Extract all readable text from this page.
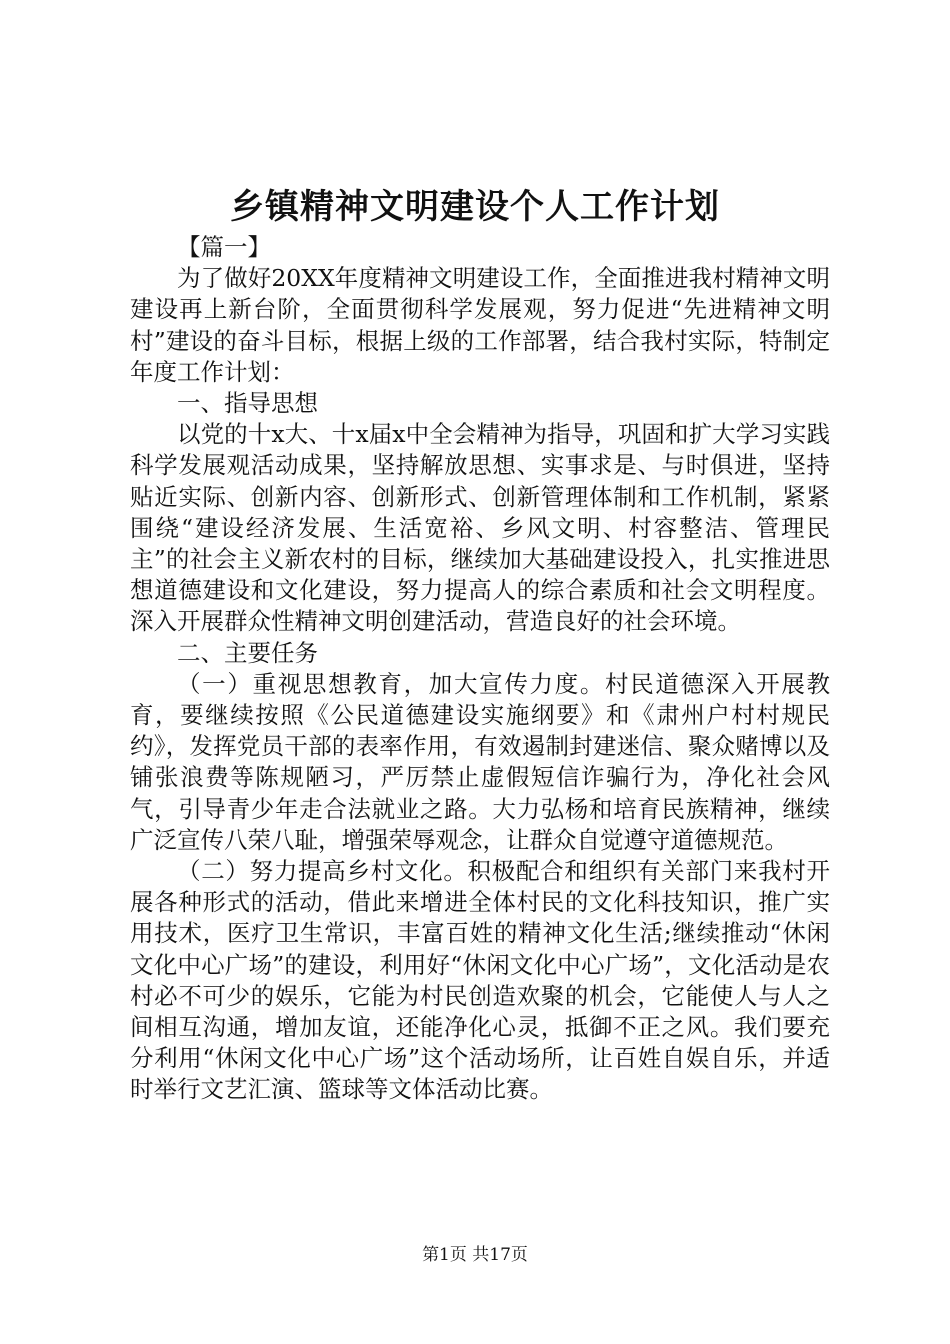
乡镇精神文明建设个人工作计划

【篇一】

为了做好20XX年度精神文明建设工作，全面推进我村精神文明建设再上新台阶，全面贯彻科学发展观，努力促进“先进精神文明村”建设的奋斗目标，根据上级的工作部署，结合我村实际，特制定年度工作计划：

一、指导思想

以党的十x大、十x届x中全会精神为指导，巩固和扩大学习实践科学发展观活动成果，坚持解放思想、实事求是、与时俱进，坚持贴近实际、创新内容、创新形式、创新管理体制和工作机制，紧紧围绕“建设经济发展、生活宽裕、乡风文明、村容整洁、管理民主”的社会主义新农村的目标，继续加大基础建设投入，扎实推进思想道德建设和文化建设，努力提高人的综合素质和社会文明程度。深入开展群众性精神文明创建活动，营造良好的社会环境。

二、主要任务

（一）重视思想教育，加大宣传力度。村民道德深入开展教育，要继续按照《公民道德建设实施纲要》和《肃州户村村规民约》，发挥党员干部的表率作用，有效遏制封建迷信、聚众赌博以及铺张浪费等陈规陋习，严厉禁止虚假短信诈骗行为，净化社会风气，引导青少年走合法就业之路。大力弘杨和培育民族精神，继续广泛宣传八荣八耻，增强荣辱观念，让群众自觉遵守道德规范。

（二）努力提高乡村文化。积极配合和组织有关部门来我村开展各种形式的活动，借此来增进全体村民的文化科技知识，推广实用技术，医疗卫生常识，丰富百姓的精神文化生活;继续推动“休闲文化中心广场”的建设，利用好“休闲文化中心广场”，文化活动是农村必不可少的娱乐，它能为村民创造欢聚的机会，它能使人与人之间相互沟通，增加友谊，还能净化心灵，抵御不正之风。我们要充分利用“休闲文化中心广场”这个活动场所，让百姓自娱自乐，并适时举行文艺汇演、篮球等文体活动比赛。

第1页 共17页
